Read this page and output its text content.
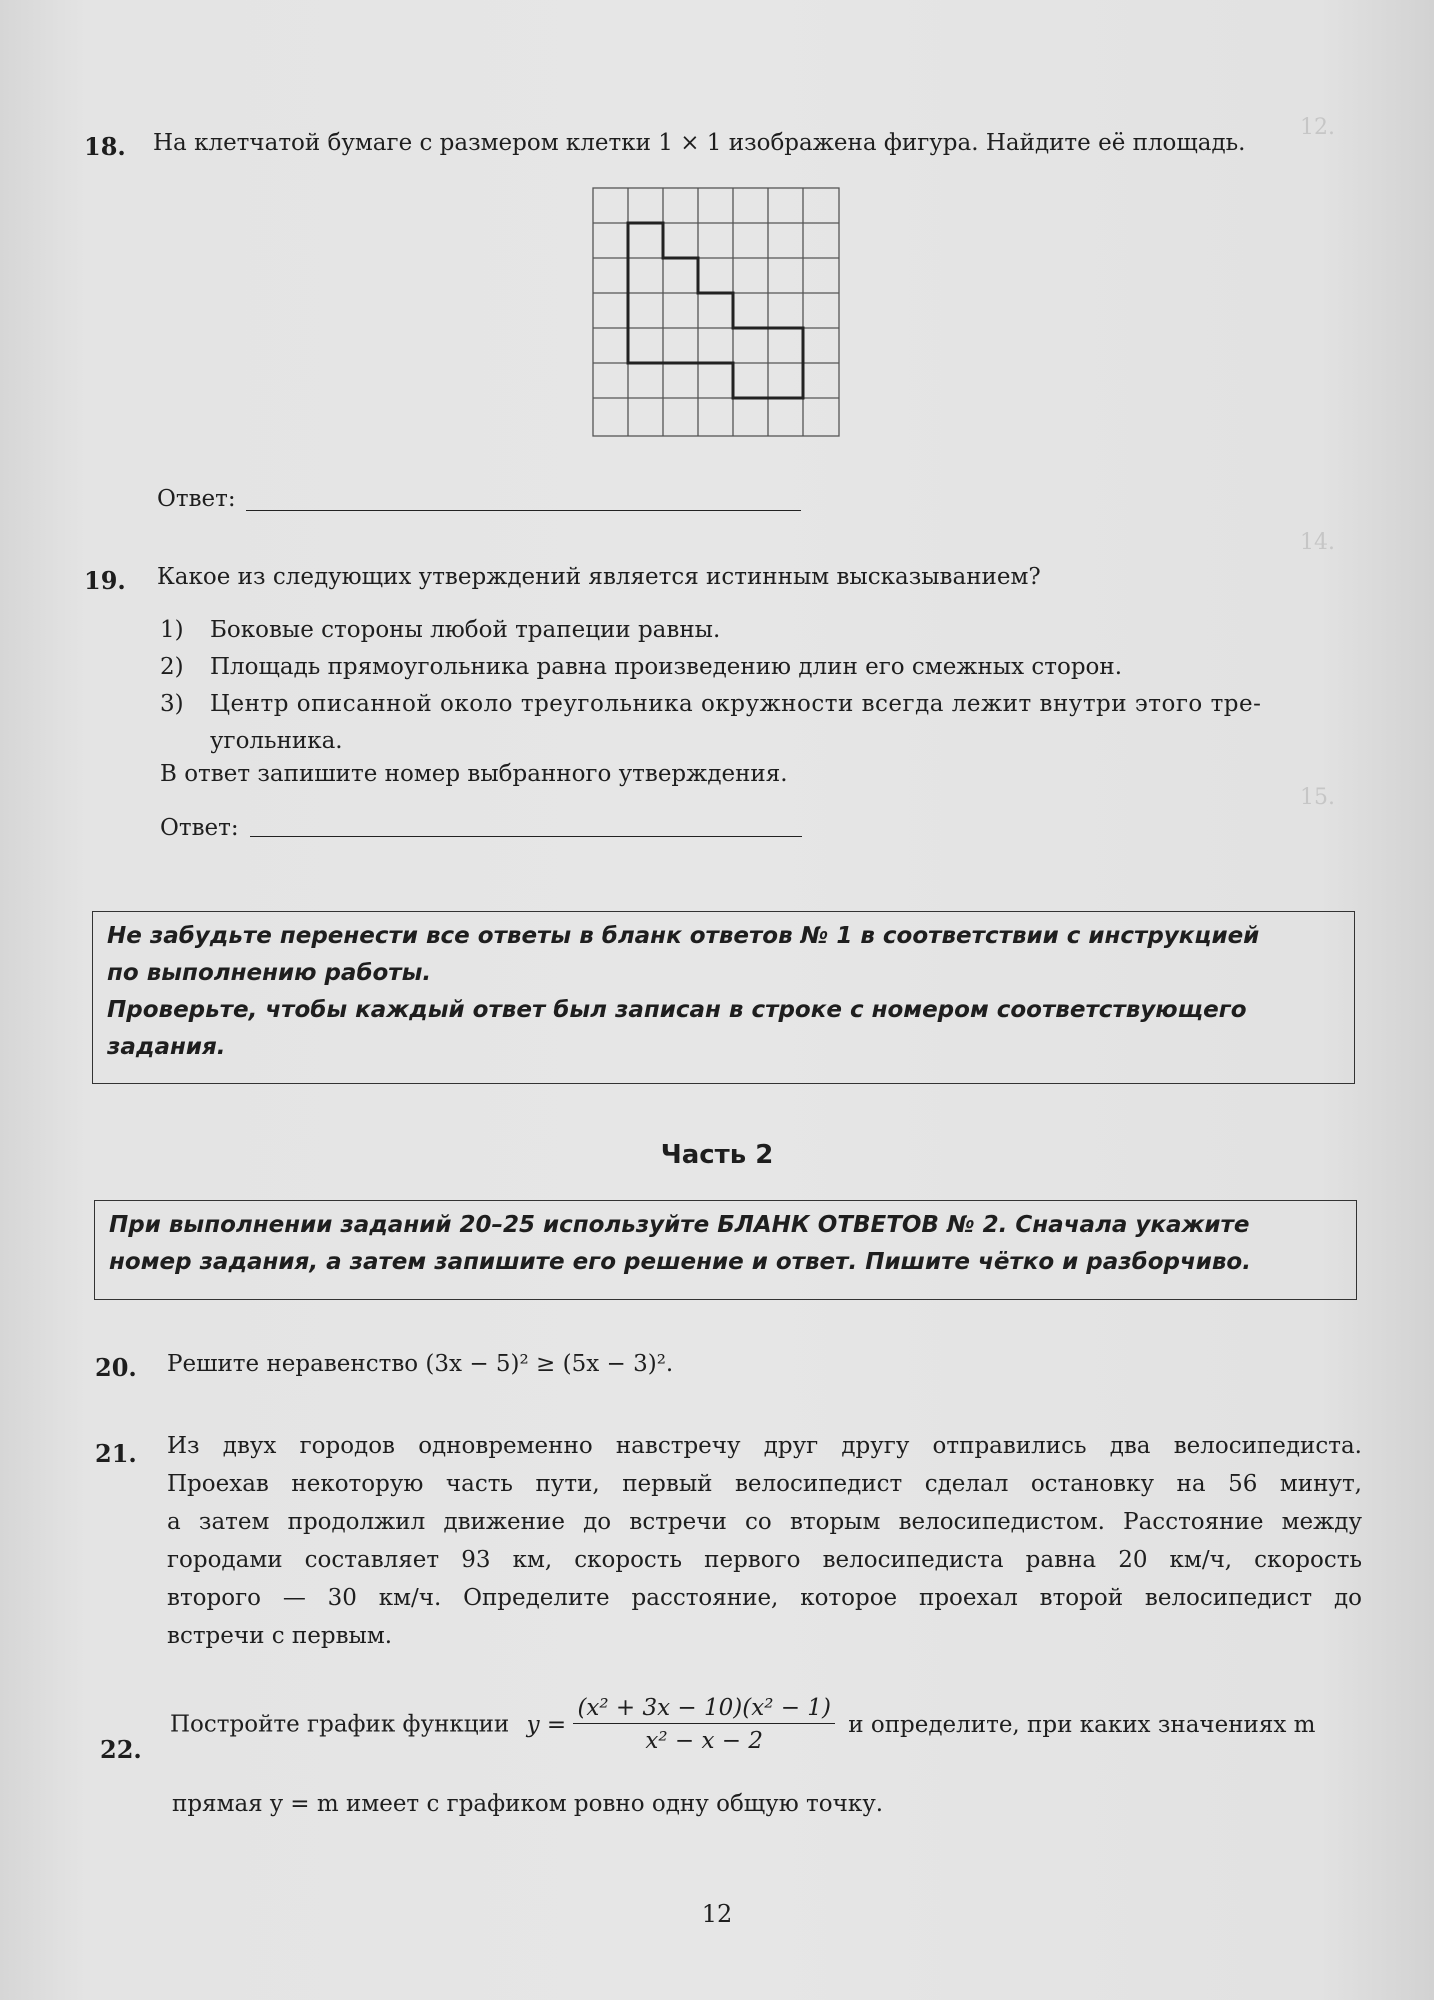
12.
14.
15.
18. На клетчатой бумаге с размером клетки 1 × 1 изображена фигура. Найдите её площадь.
Ответ:
19. Какое из следующих утверждений является истинным высказыванием?
1) Боковые стороны любой трапеции равны.
2) Площадь прямоугольника равна произведению длин его смежных сторон.
3) Центр описанной около треугольника окружности всегда лежит внутри этого тре-
угольника.
В ответ запишите номер выбранного утверждения.
Ответ:
Не забудьте перенести все ответы в бланк ответов № 1 в соответствии с инструкцией
по выполнению работы.
Проверьте, чтобы каждый ответ был записан в строке с номером соответствующего
задания.
Часть 2
При выполнении заданий 20–25 используйте БЛАНК ОТВЕТОВ № 2. Сначала укажите
номер задания, а затем запишите его решение и ответ. Пишите чётко и разборчиво.
20. Решите неравенство (3x − 5)² ≥ (5x − 3)².
21. Из двух городов одновременно навстречу друг другу отправились два велосипедиста.
Проехав некоторую часть пути, первый велосипедист сделал остановку на 56 минут,
а затем продолжил движение до встречи со вторым велосипедистом. Расстояние между
городами составляет 93 км, скорость первого велосипедиста равна 20 км/ч, скорость
второго — 30 км/ч. Определите расстояние, которое проехал второй велосипедист до
встречи с первым.
22.
Постройте график функции $y = \frac{\text{(x² + 3x − 10)(x² − 1)}}{\text{x² − x − 2}}$ и определите, при каких значениях m
прямая y = m имеет с графиком ровно одну общую точку.
12
